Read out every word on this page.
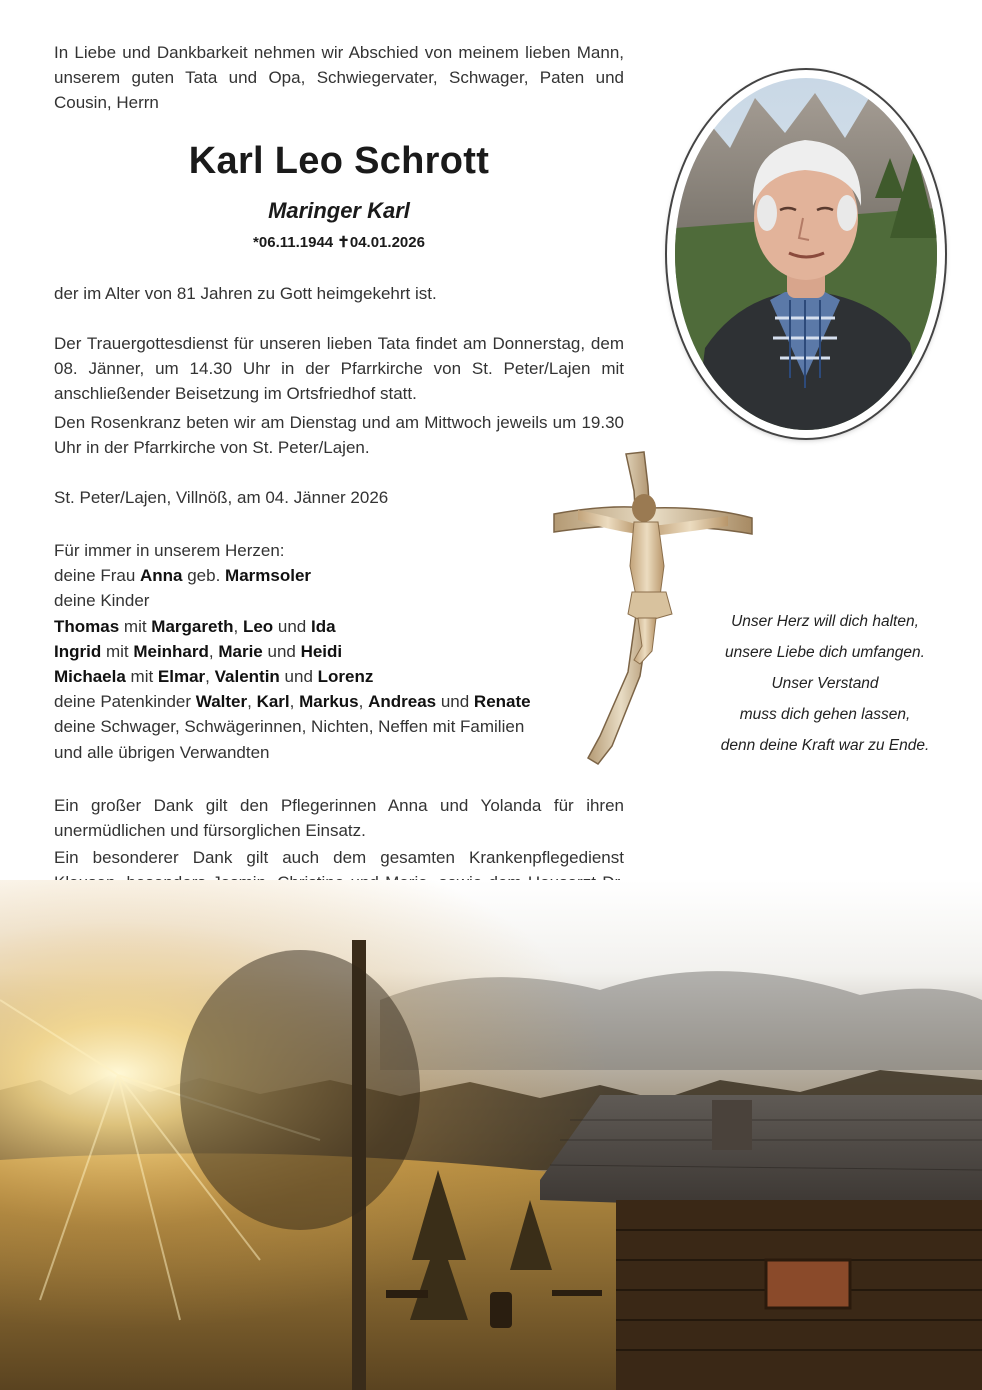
In Liebe und Dankbarkeit nehmen wir Abschied von meinem lieben Mann, unserem guten Tata und Opa, Schwiegervater, Schwager, Paten und Cousin, Herrn
Karl Leo Schrott
Maringer Karl
*06.11.1944 ✝04.01.2026
der im Alter von 81 Jahren zu Gott heimgekehrt ist.
Der Trauergottesdienst für unseren lieben Tata findet am Donnerstag, dem 08. Jänner, um 14.30 Uhr in der Pfarrkirche von St. Peter/Lajen mit anschließender Beisetzung im Ortsfriedhof statt.
Den Rosenkranz beten wir am Dienstag und am Mittwoch jeweils um 19.30 Uhr in der Pfarrkirche von St. Peter/Lajen.
St. Peter/Lajen, Villnöß, am 04. Jänner 2026
Für immer in unserem Herzen:
deine Frau Anna geb. Marmsoler
deine Kinder
Thomas mit Margareth, Leo und Ida
Ingrid mit Meinhard, Marie und Heidi
Michaela mit Elmar, Valentin und Lorenz
deine Patenkinder Walter, Karl, Markus, Andreas und Renate
deine Schwager, Schwägerinnen, Nichten, Neffen mit Familien
und alle übrigen Verwandten
Ein großer Dank gilt den Pflegerinnen Anna und Yolanda für ihren unermüdlichen und fürsorglichen Einsatz.
Ein besonderer Dank gilt auch dem gesamten Krankenpflegedienst
Unser Herz will dich halten,
unsere Liebe dich umfangen.
Unser Verstand
muss dich gehen lassen,
denn deine Kraft war zu Ende.
